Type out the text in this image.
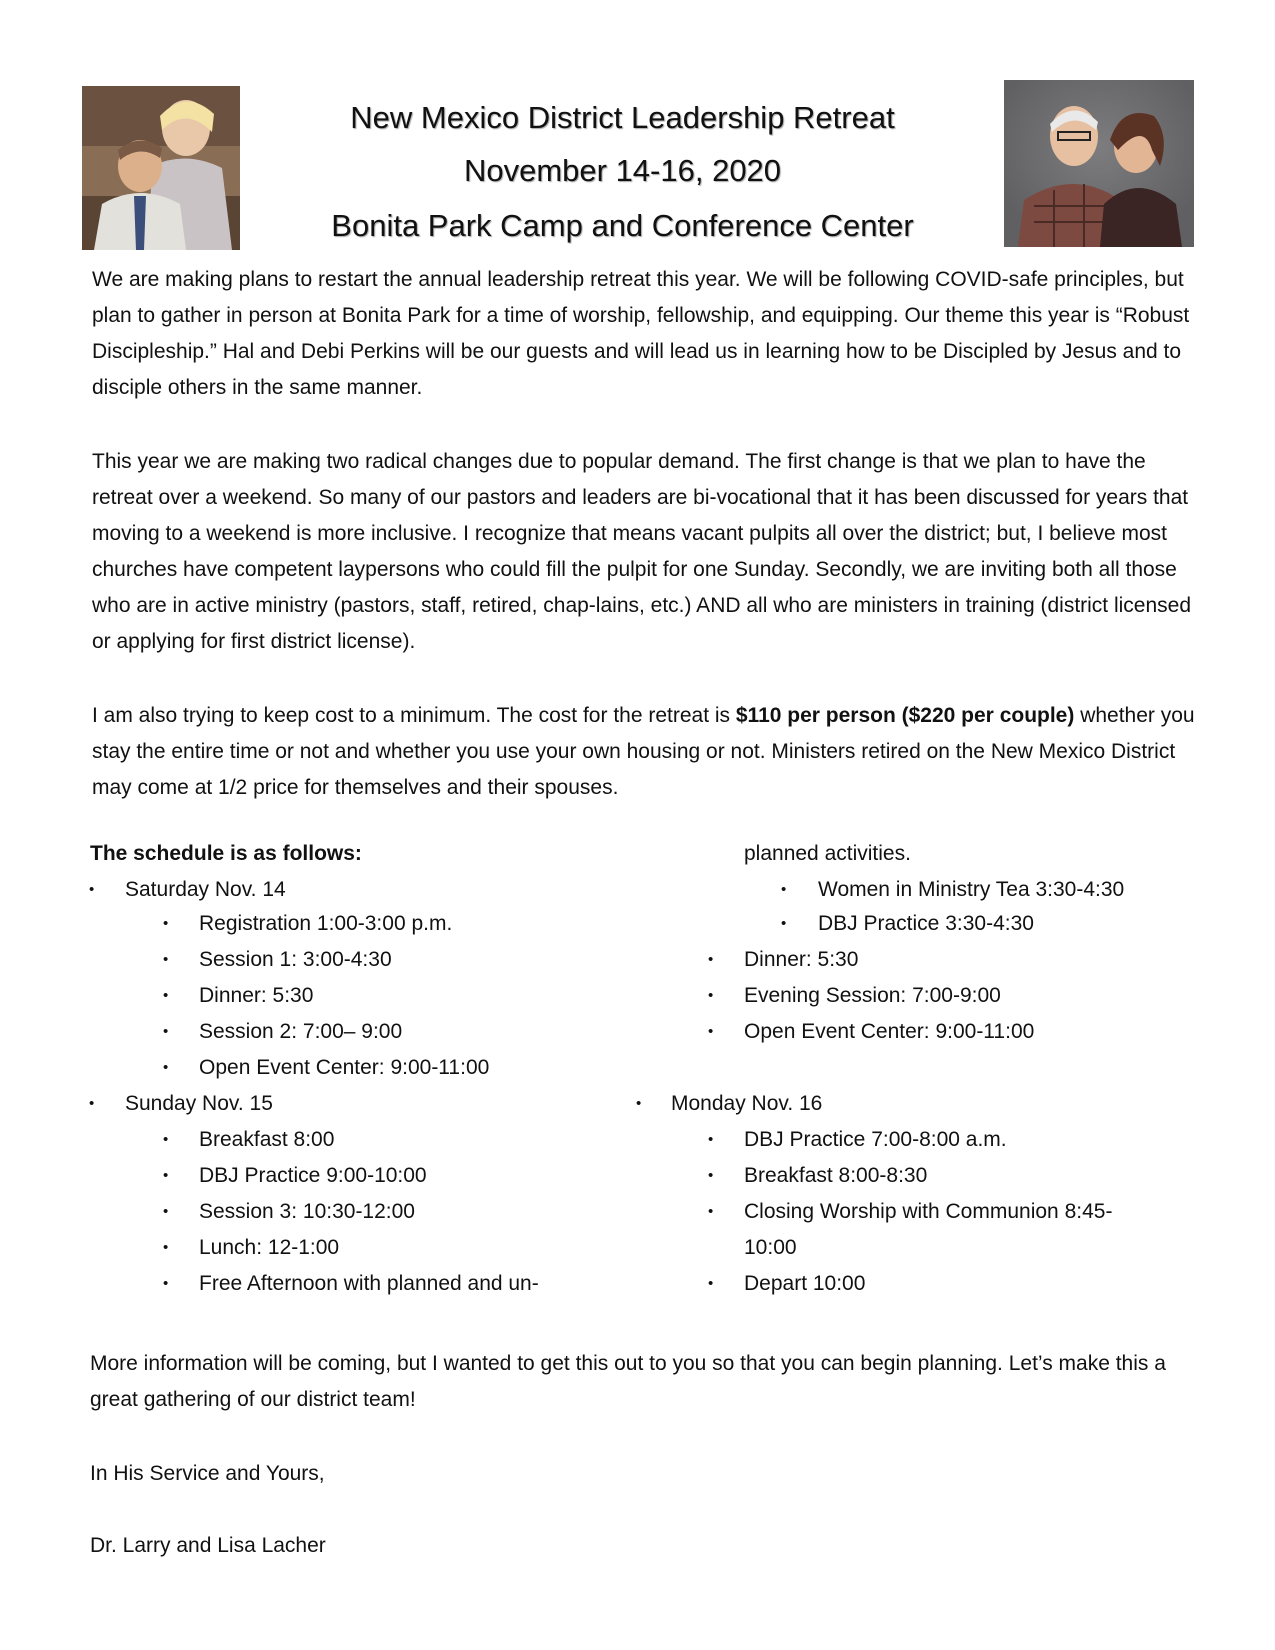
New Mexico District Leadership Retreat
November 14-16, 2020
Bonita Park Camp and Conference Center

We are making plans to restart the annual leadership retreat this year. We will be following COVID-safe principles, but plan to gather in person at Bonita Park for a time of worship, fellowship, and equipping. Our theme this year is “Robust Discipleship.” Hal and Debi Perkins will be our guests and will lead us in learning how to be Discipled by Jesus and to disciple others in the same manner.

This year we are making two radical changes due to popular demand. The first change is that we plan to have the retreat over a weekend. So many of our pastors and leaders are bi-vocational that it has been discussed for years that moving to a weekend is more inclusive. I recognize that means vacant pulpits all over the district; but, I believe most churches have competent laypersons who could fill the pulpit for one Sunday. Secondly, we are inviting both all those who are in active ministry (pastors, staff, retired, chap-lains, etc.) AND all who are ministers in training (district licensed or applying for first district license).

I am also trying to keep cost to a minimum. The cost for the retreat is $110 per person ($220 per couple) whether you stay the entire time or not and whether you use your own housing or not. Ministers retired on the New Mexico District may come at 1/2 price for themselves and their spouses.

The schedule is as follows:
• Saturday Nov. 14
• Registration 1:00-3:00 p.m.
• Session 1: 3:00-4:30
• Dinner: 5:30
• Session 2: 7:00– 9:00
• Open Event Center: 9:00-11:00
• Sunday Nov. 15
• Breakfast 8:00
• DBJ Practice 9:00-10:00
• Session 3: 10:30-12:00
• Lunch: 12-1:00
• Free Afternoon with planned and un-
planned activities.
• Women in Ministry Tea 3:30-4:30
• DBJ Practice 3:30-4:30
• Dinner: 5:30
• Evening Session: 7:00-9:00
• Open Event Center: 9:00-11:00
• Monday Nov. 16
• DBJ Practice 7:00-8:00 a.m.
• Breakfast 8:00-8:30
• Closing Worship with Communion 8:45-
10:00
• Depart 10:00

More information will be coming, but I wanted to get this out to you so that you can begin planning. Let’s make this a great gathering of our district team!

In His Service and Yours,
Dr. Larry and Lisa Lacher
